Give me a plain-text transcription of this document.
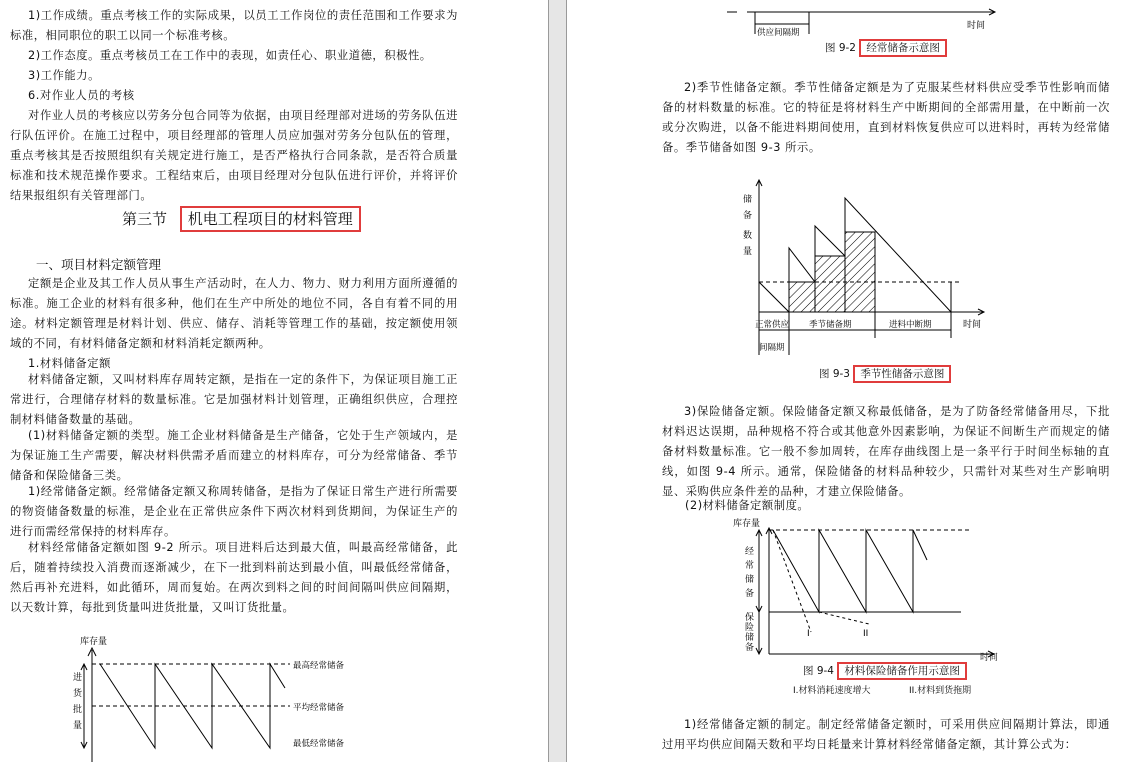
1)工作成绩。重点考核工作的实际成果，以员工工作岗位的责任范围和工作要求为标准，相同职位的职工以同一个标准考核。

2)工作态度。重点考核员工在工作中的表现，如责任心、职业道德，积极性。

3)工作能力。

6.对作业人员的考核

对作业人员的考核应以劳务分包合同等为依据，由项目经理部对进场的劳务队伍进行队伍评价。在施工过程中，项目经理部的管理人员应加强对劳务分包队伍的管理，重点考核其是否按照组织有关规定进行施工，是否严格执行合同条款，是否符合质量标准和技术规范操作要求。工程结束后，由项目经理对分包队伍进行评价，并将评价结果报组织有关管理部门。

第三节 机电工程项目的材料管理
一、项目材料定额管理

定额是企业及其工作人员从事生产活动时，在人力、物力、财力利用方面所遵循的标准。施工企业的材料有很多种，他们在生产中所处的地位不同，各自有着不同的用途。材料定额管理是材料计划、供应、储存、消耗等管理工作的基础，按定额使用领域的不同，有材料储备定额和材料消耗定额两种。

1.材料储备定额

材料储备定额，又叫材料库存周转定额，是指在一定的条件下，为保证项目施工正常进行，合理储存材料的数量标准。它是加强材料计划管理，正确组织供应，合理控制材料储备数量的基础。

(1)材料储备定额的类型。施工企业材料储备是生产储备，它处于生产领域内，是为保证施工生产需要，解决材料供需矛盾而建立的材料库存，可分为经常储备、季节储备和保险储备三类。

1)经常储备定额。经常储备定额又称周转储备，是指为了保证日常生产进行所需要的物资储备数量的标准，是企业在正常供应条件下两次材料到货期间，为保证生产的进行而需经常保持的材料库存。

材料经常储备定额如图 9-2 所示。项目进料后达到最大值，叫最高经常储备，此后，随着持续投入消费而逐渐减少，在下一批到料前达到最小值，叫最低经常储备，然后再补充进料，如此循环，周而复始。在两次到料之间的时间间隔叫供应间隔期，以天数计算，每批到货量叫进货批量，又叫订货批量。

库存量
进
货
批
量
最高经常储备
平均经常储备
最低经常储备
时间
供应间隔期
图 9-2 经常储备示意图

2)季节性储备定额。季节性储备定额是为了克服某些材料供应受季节性影响而储备的材料数量的标准。它的特征是将材料生产中断期间的全部需用量，在中断前一次或分次购进，以备不能进料期间使用，直到材料恢复供应可以进料时，再转为经常储备。季节储备如图 9-3 所示。

储
备
数
量
正常供应
间隔期
季节储备期	进料中断期	时间
图 9-3 季节性储备示意图

3)保险储备定额。保险储备定额又称最低储备，是为了防备经常储备用尽，下批材料迟达误期，品种规格不符合或其他意外因素影响，为保证不间断生产而规定的储备材料数量标准。它一般不参加周转，在库存曲线图上是一条平行于时间坐标轴的直线，如图 9-4 所示。通常，保险储备的材料品种较少，只需针对某些对生产影响明显、采购供应条件差的品种，才建立保险储备。

(2)材料储备定额制度。

库存量
经
常
储
备
保
险
储
备
I	II
时间
图 9-4 材料保险储备作用示意图
I.材料消耗速度增大	II.材料到货拖期

1)经常储备定额的制定。制定经常储备定额时，可采用供应间隔期计算法，即通过用平均供应间隔天数和平均日耗量来计算材料经常储备定额，其计算公式为：
